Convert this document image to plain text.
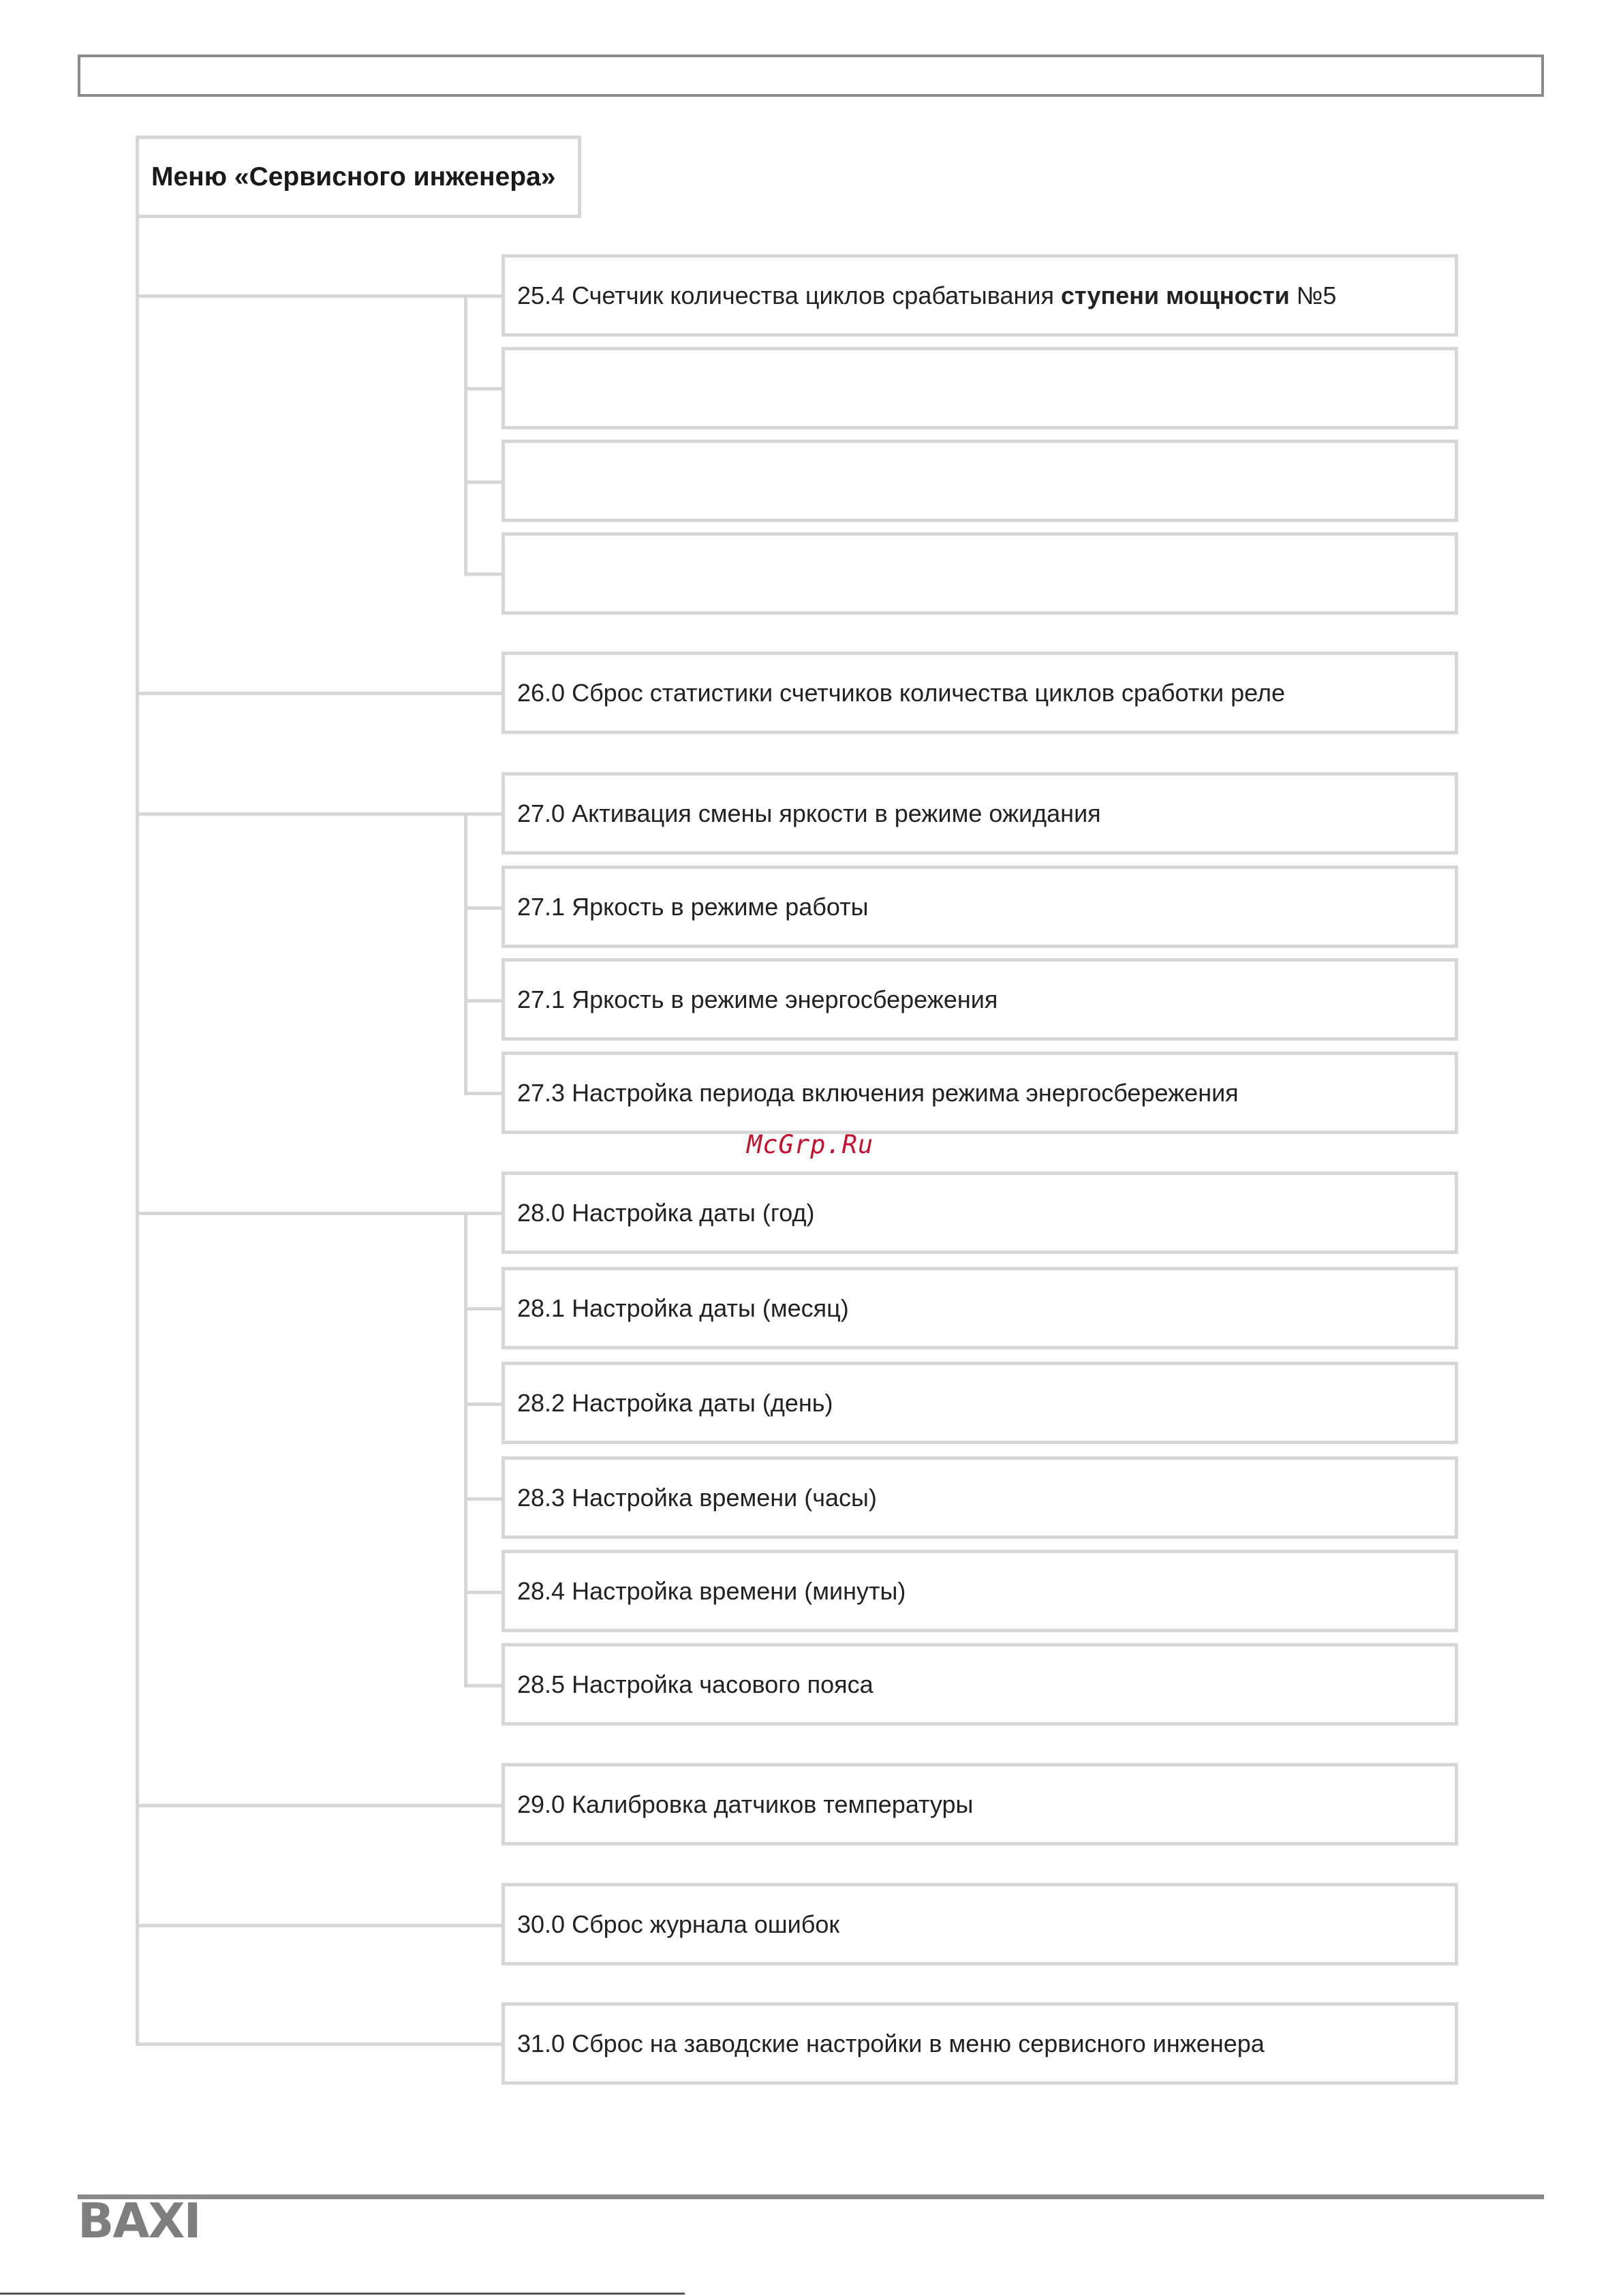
Меню «Сервисного инженера»
25.4 Счетчик количества циклов срабатывания ступени мощности №5
26.0 Сброс статистики счетчиков количества циклов сработки реле
27.0 Активация смены яркости в режиме ожидания
27.1 Яркость в режиме работы
27.1 Яркость в режиме энергосбережения
27.3 Настройка периода включения режима энергосбережения
McGrp.Ru
28.0 Настройка даты (год)
28.1 Настройка даты (месяц)
28.2 Настройка даты (день)
28.3 Настройка времени (часы)
28.4 Настройка времени (минуты)
28.5 Настройка часового пояса
29.0 Калибровка датчиков температуры
30.0 Сброс журнала ошибок
31.0 Сброс на заводские настройки в меню сервисного инженера
BAXI
